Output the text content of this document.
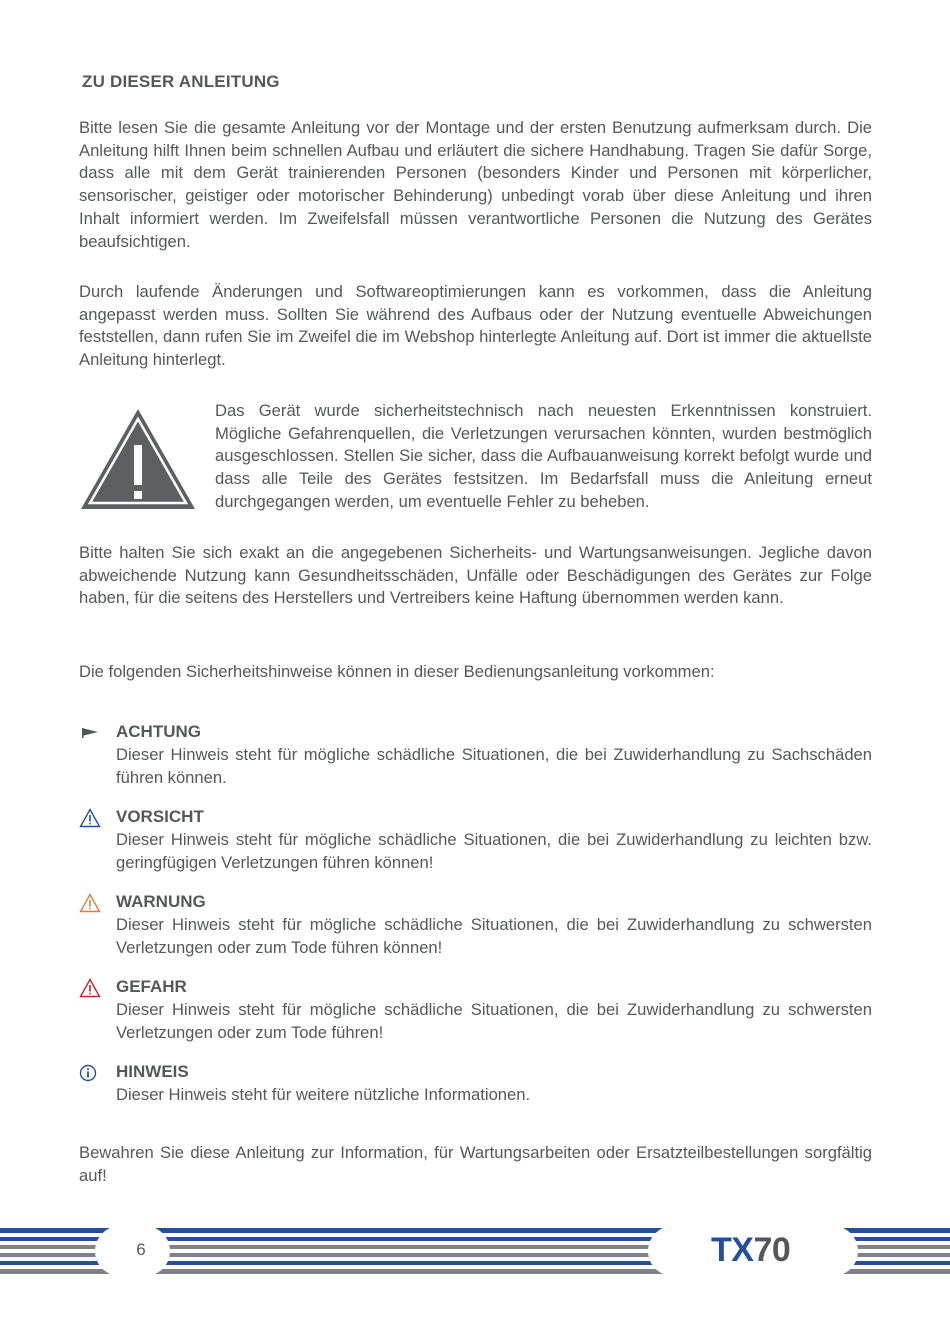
ZU DIESER ANLEITUNG

Bitte lesen Sie die gesamte Anleitung vor der Montage und der ersten Benutzung aufmerksam durch. Die Anleitung hilft Ihnen beim schnellen Aufbau und erläutert die sichere Handhabung. Tragen Sie dafür Sorge, dass alle mit dem Gerät trainierenden Personen (besonders Kinder und Personen mit körperlicher, sensorischer, geistiger oder motorischer Behinderung) unbedingt vorab über diese Anleitung und ihren Inhalt informiert werden. Im Zweifelsfall müssen verantwortliche Personen die Nutzung des Gerätes beaufsichtigen.

Durch laufende Änderungen und Softwareoptimierungen kann es vorkommen, dass die Anleitung angepasst werden muss. Sollten Sie während des Aufbaus oder der Nutzung eventuelle Abweichungen feststellen, dann rufen Sie im Zweifel die im Webshop hinterlegte Anleitung auf. Dort ist immer die aktuellste Anleitung hinterlegt.

Das Gerät wurde sicherheitstechnisch nach neuesten Erkenntnissen konstruiert. Mögliche Gefahrenquellen, die Verletzungen verursachen könnten, wurden bestmöglich ausgeschlossen. Stellen Sie sicher, dass die Aufbauanweisung korrekt befolgt wurde und dass alle Teile des Gerätes festsitzen. Im Bedarfsfall muss die Anleitung erneut durchgegangen werden, um eventuelle Fehler zu beheben.

Bitte halten Sie sich exakt an die angegebenen Sicherheits- und Wartungsanweisungen. Jegliche davon abweichende Nutzung kann Gesundheitsschäden, Unfälle oder Beschädigungen des Gerätes zur Folge haben, für die seitens des Herstellers und Vertreibers keine Haftung übernommen werden kann.

Die folgenden Sicherheitshinweise können in dieser Bedienungsanleitung vorkommen:

ACHTUNG

Dieser Hinweis steht für mögliche schädliche Situationen, die bei Zuwiderhandlung zu Sachschäden führen können.

VORSICHT

Dieser Hinweis steht für mögliche schädliche Situationen, die bei Zuwiderhandlung zu leichten bzw. geringfügigen Verletzungen führen können!

WARNUNG

Dieser Hinweis steht für mögliche schädliche Situationen, die bei Zuwiderhandlung zu schwersten Verletzungen oder zum Tode führen können!

GEFAHR

Dieser Hinweis steht für mögliche schädliche Situationen, die bei Zuwiderhandlung zu schwersten Verletzungen oder zum Tode führen!

HINWEIS

Dieser Hinweis steht für weitere nützliche Informationen.

Bewahren Sie diese Anleitung zur Information, für Wartungsarbeiten oder Ersatzteilbestellungen sorgfältig auf!

6	TX70
